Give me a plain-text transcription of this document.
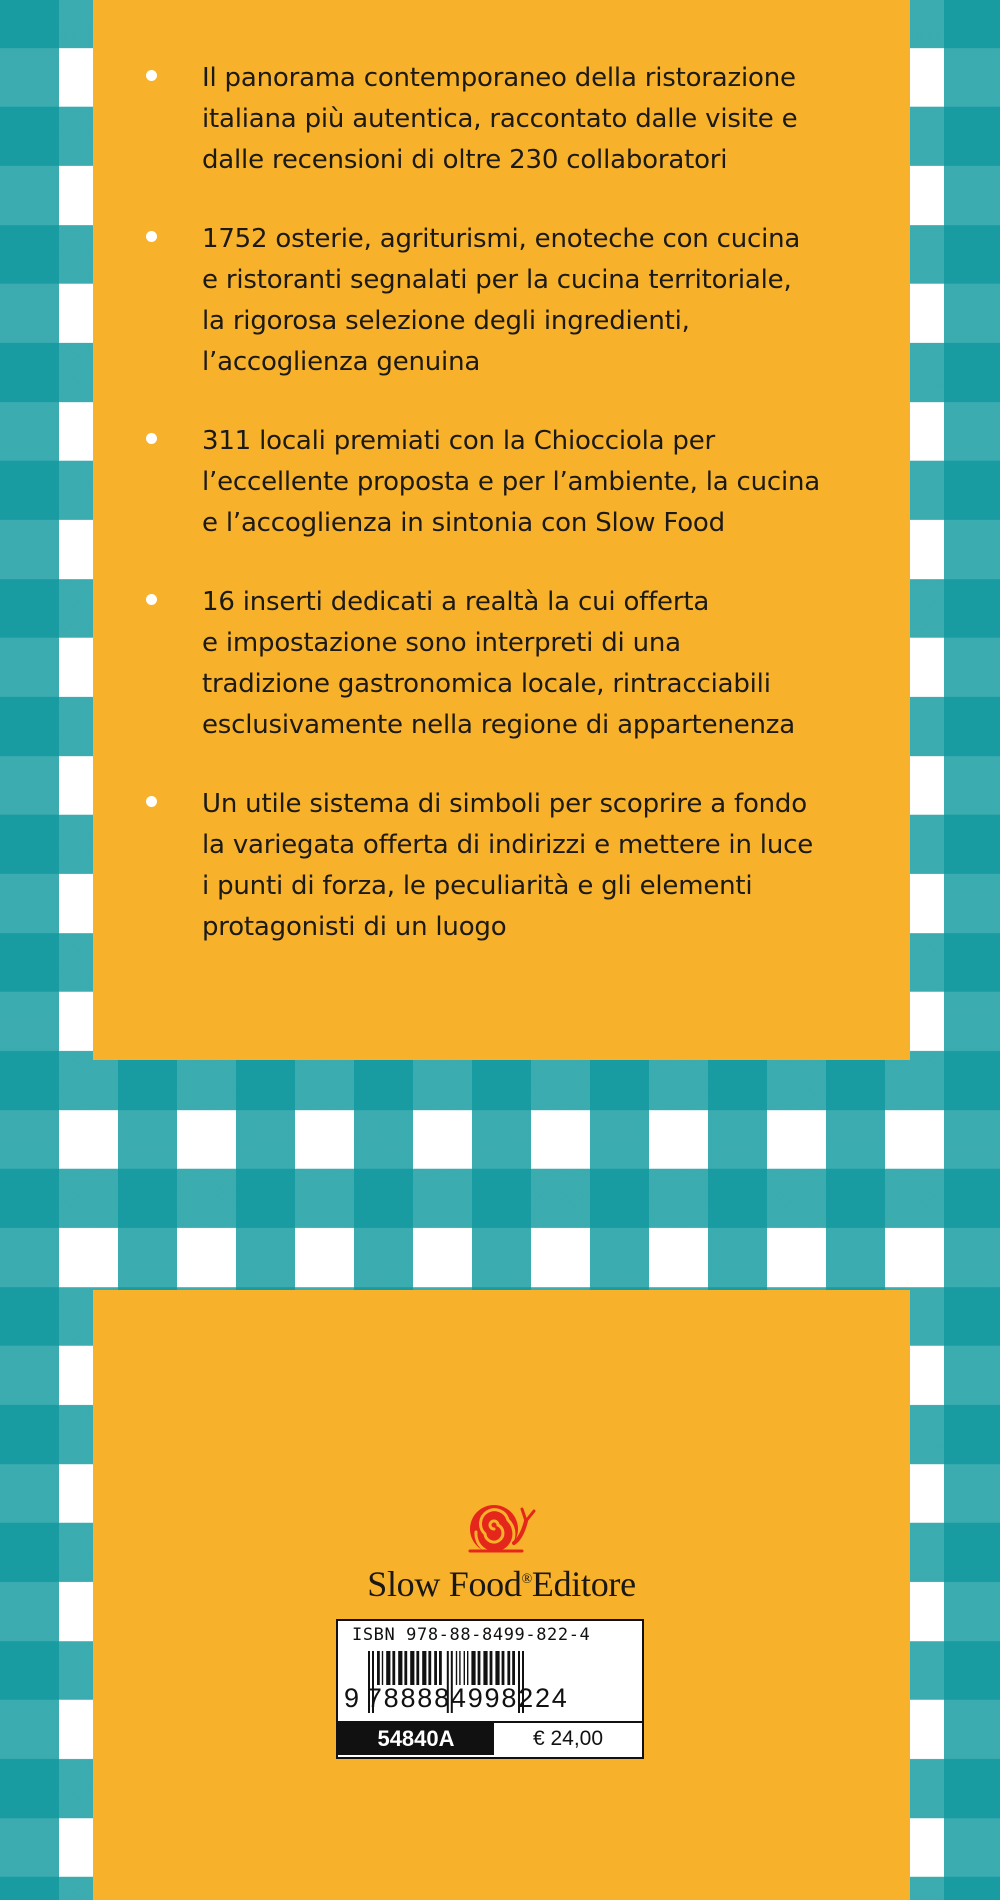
Il panorama contemporaneo della ristorazione
italiana più autentica, raccontato dalle visite e
dalle recensioni di oltre 230 collaboratori
1752 osterie, agriturismi, enoteche con cucina
e ristoranti segnalati per la cucina territoriale,
la rigorosa selezione degli ingredienti,
l’accoglienza genuina
311 locali premiati con la Chiocciola per
l’eccellente proposta e per l’ambiente, la cucina
e l’accoglienza in sintonia con Slow Food
16 inserti dedicati a realtà la cui offerta
e impostazione sono interpreti di una
tradizione gastronomica locale, rintracciabili
esclusivamente nella regione di appartenenza
Un utile sistema di simboli per scoprire a fondo
la variegata offerta di indirizzi e mettere in luce
i punti di forza, le peculiarità e gli elementi
protagonisti di un luogo
Slow Food®Editore
ISBN 978-88-8499-822-4
9 788884998224
54840A	€ 24,00
